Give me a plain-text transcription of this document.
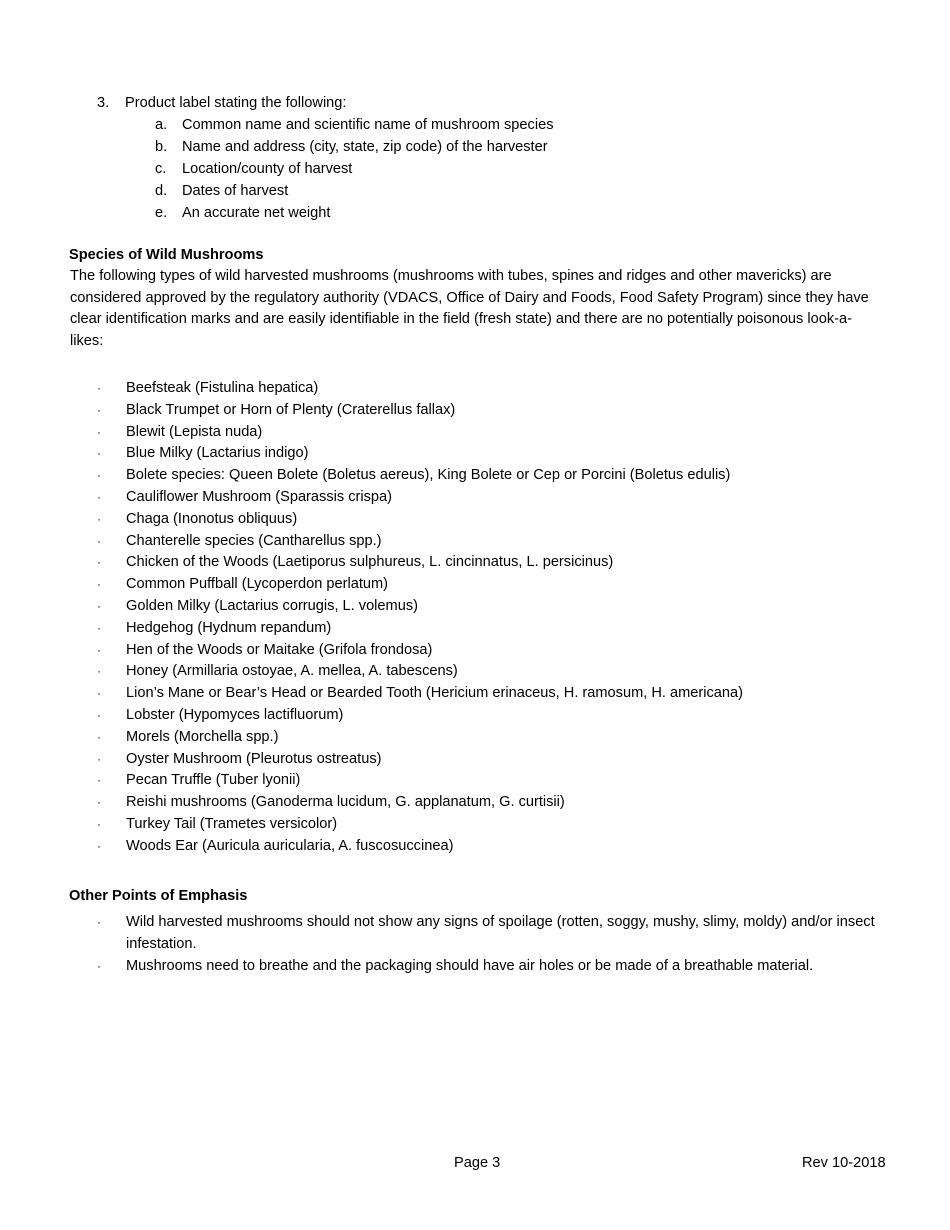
3. Product label stating the following:
a. Common name and scientific name of mushroom species
b. Name and address (city, state, zip code) of the harvester
c. Location/county of harvest
d. Dates of harvest
e. An accurate net weight
Species of Wild Mushrooms

The following types of wild harvested mushrooms (mushrooms with tubes, spines and ridges and other mavericks) are considered approved by the regulatory authority (VDACS, Office of Dairy and Foods, Food Safety Program) since they have clear identification marks and are easily identifiable in the field (fresh state) and there are no potentially poisonous look-a-likes:

·	Beefsteak (Fistulina hepatica)
·	Black Trumpet or Horn of Plenty (Craterellus fallax)
·	Blewit (Lepista nuda)
·	Blue Milky (Lactarius indigo)
·	Bolete species: Queen Bolete (Boletus aereus), King Bolete or Cep or Porcini (Boletus edulis)
·	Cauliflower Mushroom (Sparassis crispa)
·	Chaga (Inonotus obliquus)
·	Chanterelle species (Cantharellus spp.)
·	Chicken of the Woods (Laetiporus sulphureus, L. cincinnatus, L. persicinus)
·	Common Puffball (Lycoperdon perlatum)
·	Golden Milky (Lactarius corrugis, L. volemus)
·	Hedgehog (Hydnum repandum)
·	Hen of the Woods or Maitake (Grifola frondosa)
·	Honey (Armillaria ostoyae, A. mellea, A. tabescens)
·	Lion’s Mane or Bear’s Head or Bearded Tooth (Hericium erinaceus, H. ramosum, H. americana)
·	Lobster (Hypomyces lactifluorum)
·	Morels (Morchella spp.)
·	Oyster Mushroom (Pleurotus ostreatus)
·	Pecan Truffle (Tuber lyonii)
·	Reishi mushrooms (Ganoderma lucidum, G. applanatum, G. curtisii)
·	Turkey Tail (Trametes versicolor)
·	Woods Ear (Auricula auricularia, A. fuscosuccinea)
Other Points of Emphasis
·	Wild harvested mushrooms should not show any signs of spoilage (rotten, soggy, mushy, slimy, moldy) and/or insect infestation.
·	Mushrooms need to breathe and the packaging should have air holes or be made of a breathable material.
Page 3	Rev 10-2018
